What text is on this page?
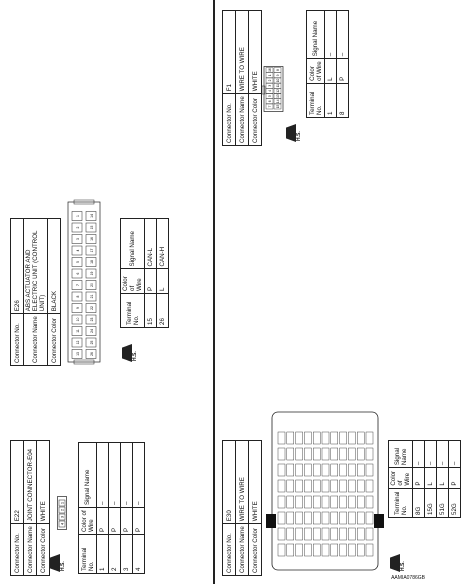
Connector No.	E22
Connector Name	JOINT CONNECTOR-E04
Connector Color	WHITE
H.S.
4
3
2
1
Terminal No.	Color of Wire	Signal Name
1	P	–
2	P	–
3	P	–
4	P	–
Connector No.	E26
Connector Name	ABS ACTUATOR AND ELECTRIC UNIT (CONTROL UNIT)
Connector Color	BLACK
H.S.
13	26
12	25
11	24
10	23
9	22
8	21
7	20
6	19
5	18
4	17
3	16
2	15
1	14
Terminal No.	Color of Wire	Signal Name
15	P	CAN-L
26	L	CAN-H
Connector No.	E30
Connector Name	WIRE TO WIRE
Connector Color	WHITE
H.S.
Terminal No.	Color of Wire	Signal Name
8G	P	–
15G	L	–
51G	L	–
52G	P	–
Connector No.	F1
Connector Name	WIRE TO WIRE
Connector Color	WHITE
H.S.
7 15
6 14
5 13
4 12
3 11
2 10
1 9
16 8
Terminal No.	Color of Wire	Signal Name
1	L	–
8	P	–
AAMIA0786GB
